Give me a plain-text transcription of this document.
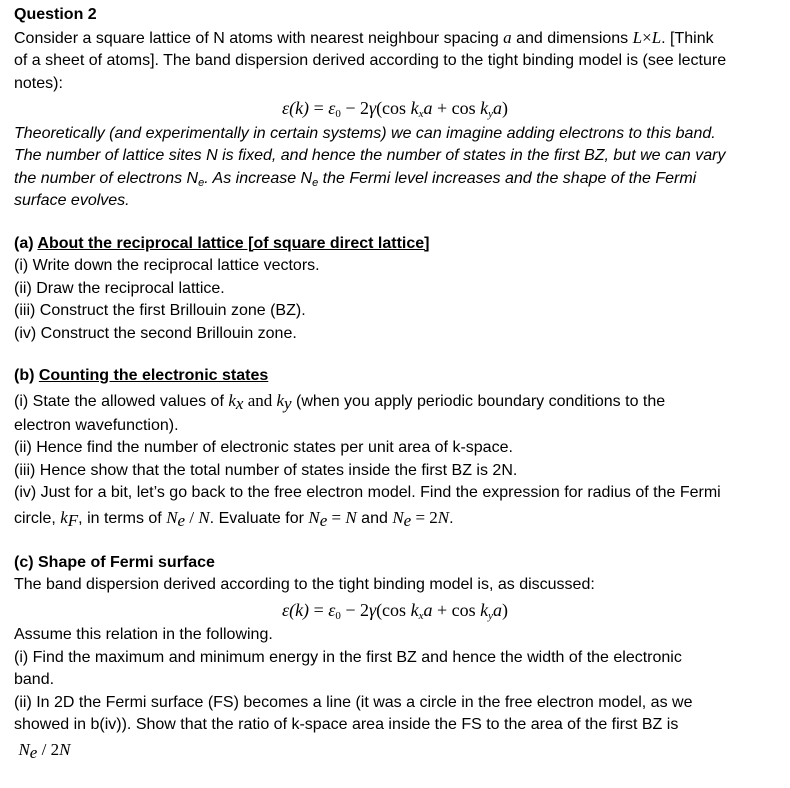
Question 2
Consider a square lattice of N atoms with nearest neighbour spacing a and dimensions L×L. [Think
of a sheet of atoms]. The band dispersion derived according to the tight binding model is (see lecture
notes):
$\varepsilon(k) = \varepsilon_0 - 2\gamma(\cos$ $k_xa + \cos k_ya$)
Theoretically (and experimentally in certain systems) we can imagine adding electrons to this band.
The number of lattice sites N is fixed, and hence the number of states in the first BZ, but we can vary
the number of electrons $N_e$. As increase $N_e$ the Fermi level increases and the shape of the Fermi
surface evolves.
(a) About the reciprocal lattice [of square direct lattice]
(i) Write down the reciprocal lattice vectors.
(ii) Draw the reciprocal lattice.
(iii) Construct the first Brillouin zone (BZ).
(iv) Construct the second Brillouin zone.
(b) Counting the electronic states
(i) State the allowed values of $k_x$ and $k_y$ (when you apply periodic boundary conditions to the
electron wavefunction).
(ii) Hence find the number of electronic states per unit area of k-space.
(iii) Hence show that the total number of states inside the first BZ is 2N.
(iv) Just for a bit, let’s go back to the free electron model. Find the expression for radius of the Fermi
circle, $k_F$, in terms of $N_e$ / N. Evaluate for $N_e = N$ and $N_e = 2N$.
(c) Shape of Fermi surface
The band dispersion derived according to the tight binding model is, as discussed:
$\varepsilon(k) = \varepsilon_0 - 2\gamma(\cos$ $k_xa + \cos k_ya$)
Assume this relation in the following.
(i) Find the maximum and minimum energy in the first BZ and hence the width of the electronic
band.
(ii) In 2D the Fermi surface (FS) becomes a line (it was a circle in the free electron model, as we
showed in b(iv)). Show that the ratio of k-space area inside the FS to the area of the first BZ is
$N_e / 2N$
